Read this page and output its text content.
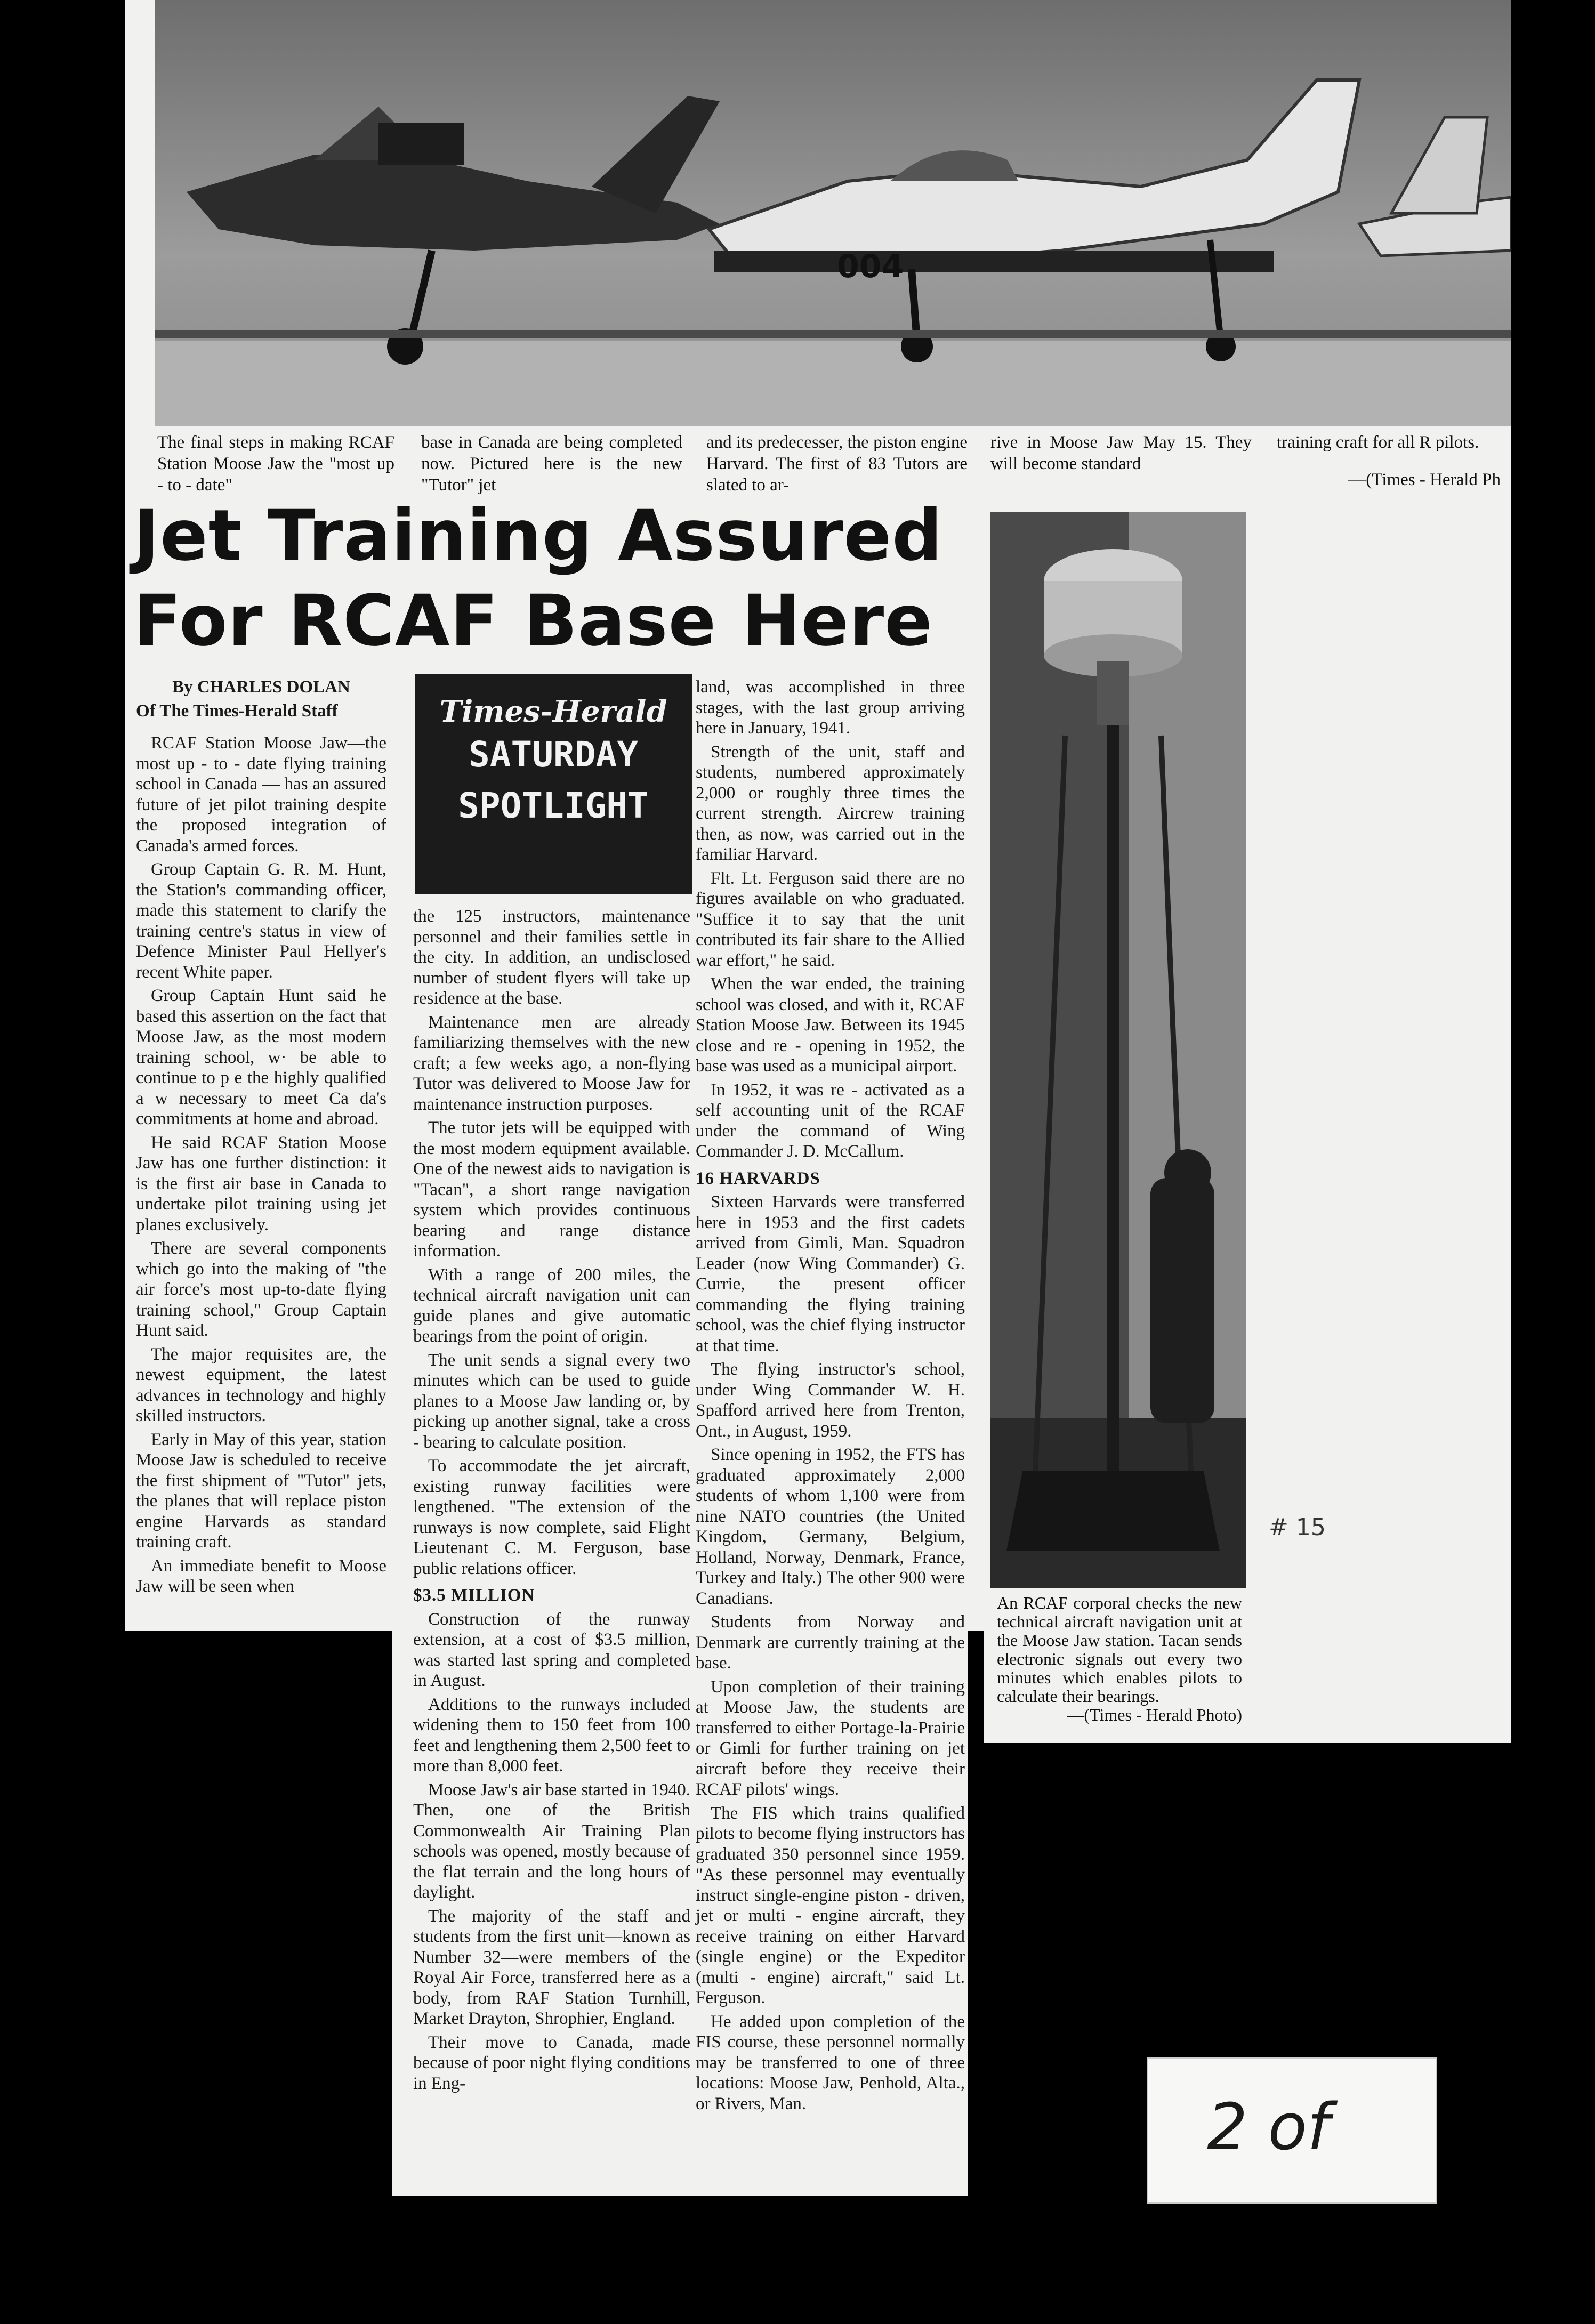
004
The final steps in making RCAF Station Moose Jaw the "most up - to - date"
base in Canada are being completed now. Pictured here is the new "Tutor" jet
and its predecesser, the piston engine Harvard. The first of 83 Tutors are slated to ar-
rive in Moose Jaw May 15. They will become standard
training craft for all R pilots.
—(Times - Herald Ph
Jet Training Assured
For RCAF Base Here
Times-Herald
SATURDAY
SPOTLIGHT

By CHARLES DOLAN

Of The Times-Herald Staff

RCAF Station Moose Jaw—the most up - to - date flying training school in Canada — has an assured future of jet pilot training despite the proposed integration of Canada's armed forces.

Group Captain G. R. M. Hunt, the Station's commanding officer, made this statement to clarify the training centre's status in view of Defence Minister Paul Hellyer's recent White paper.

Group Captain Hunt said he based this assertion on the fact that Moose Jaw, as the most modern training school, w· be able to continue to p e the highly qualified a w necessary to meet Ca da's commitments at home and abroad.

He said RCAF Station Moose Jaw has one further distinction: it is the first air base in Canada to undertake pilot training using jet planes exclusively.

There are several components which go into the making of "the air force's most up-to-date flying training school," Group Captain Hunt said.

The major requisites are, the newest equipment, the latest advances in technology and highly skilled instructors.

Early in May of this year, station Moose Jaw is scheduled to receive the first shipment of "Tutor" jets, the planes that will replace piston engine Harvards as standard training craft.

An immediate benefit to Moose Jaw will be seen when

the 125 instructors, maintenance personnel and their families settle in the city. In addition, an undisclosed number of student flyers will take up residence at the base.

Maintenance men are already familiarizing themselves with the new craft; a few weeks ago, a non-flying Tutor was delivered to Moose Jaw for maintenance instruction purposes.

The tutor jets will be equipped with the most modern equipment available. One of the newest aids to navigation is "Tacan", a short range navigation system which provides continuous bearing and range distance information.

With a range of 200 miles, the technical aircraft navigation unit can guide planes and give automatic bearings from the point of origin.

The unit sends a signal every two minutes which can be used to guide planes to a Moose Jaw landing or, by picking up another signal, take a cross - bearing to calculate position.

To accommodate the jet aircraft, existing runway facilities were lengthened. "The extension of the runways is now complete, said Flight Lieutenant C. M. Ferguson, base public relations officer.

$3.5 MILLION

Construction of the runway extension, at a cost of $3.5 million, was started last spring and completed in August.

Additions to the runways included widening them to 150 feet from 100 feet and lengthening them 2,500 feet to more than 8,000 feet.

Moose Jaw's air base started in 1940. Then, one of the British Commonwealth Air Training Plan schools was opened, mostly because of the flat terrain and the long hours of daylight.

The majority of the staff and students from the first unit—known as Number 32—were members of the Royal Air Force, transferred here as a body, from RAF Station Turnhill, Market Drayton, Shrophier, England.

Their move to Canada, made because of poor night flying conditions in Eng-

land, was accomplished in three stages, with the last group arriving here in January, 1941.

Strength of the unit, staff and students, numbered approximately 2,000 or roughly three times the current strength. Aircrew training then, as now, was carried out in the familiar Harvard.

Flt. Lt. Ferguson said there are no figures available on who graduated. "Suffice it to say that the unit contributed its fair share to the Allied war effort," he said.

When the war ended, the training school was closed, and with it, RCAF Station Moose Jaw. Between its 1945 close and re - opening in 1952, the base was used as a municipal airport.

In 1952, it was re - activated as a self accounting unit of the RCAF under the command of Wing Commander J. D. McCallum.

16 HARVARDS

Sixteen Harvards were transferred here in 1953 and the first cadets arrived from Gimli, Man. Squadron Leader (now Wing Commander) G. Currie, the present officer commanding the flying training school, was the chief flying instructor at that time.

The flying instructor's school, under Wing Commander W. H. Spafford arrived here from Trenton, Ont., in August, 1959.

Since opening in 1952, the FTS has graduated approximately 2,000 students of whom 1,100 were from nine NATO countries (the United Kingdom, Germany, Belgium, Holland, Norway, Denmark, France, Turkey and Italy.) The other 900 were Canadians.

Students from Norway and Denmark are currently training at the base.

Upon completion of their training at Moose Jaw, the students are transferred to either Portage-la-Prairie or Gimli for further training on jet aircraft before they receive their RCAF pilots' wings.

The FIS which trains qualified pilots to become flying instructors has graduated 350 personnel since 1959. "As these personnel may eventually instruct single-engine piston - driven, jet or multi - engine aircraft, they receive training on either Harvard (single engine) or the Expeditor (multi - engine) aircraft," said Lt. Ferguson.

He added upon completion of the FIS course, these personnel normally may be transferred to one of three locations: Moose Jaw, Penhold, Alta., or Rivers, Man.

An RCAF corporal checks the new technical aircraft navigation unit at the Moose Jaw station. Tacan sends electronic signals out every two minutes which enables pilots to calculate their bearings.
—(Times - Herald Photo)
# 15
2 of
